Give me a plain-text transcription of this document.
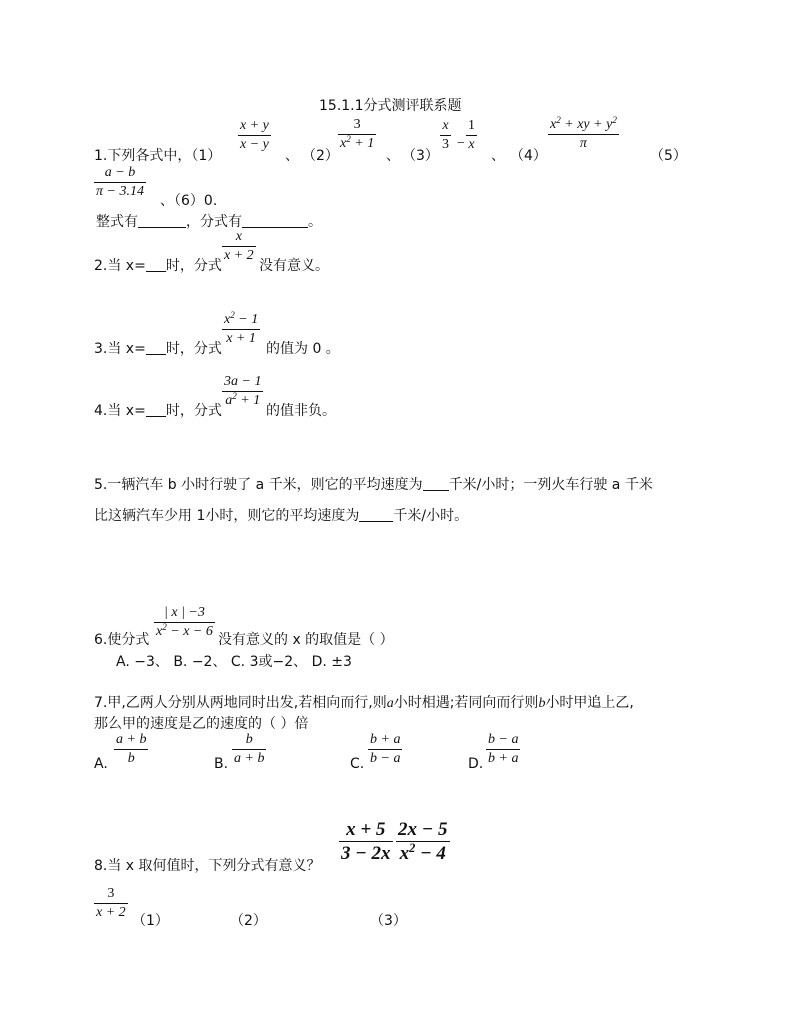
15.1.1分式测评联系题
1.下列各式中，（1）
x + y
x − y
、 （2）
3
$x^2 + 1$
、 （3）
x
3 −
1
x
、 （4）
$x^2$ + xy + $y^2$
π
（5）
a − b
π − 3.14
、（6）0.
整式有	，分式有	。
2.当 x= 时，分式
x
x + 2
没有意义。
3.当 x= 时，分式
$x^2 - 1$
x + 1
的值为 0 。
4.当 x= 时，分式
3a − 1
$a^2 + 1$
的值非负。
5.一辆汽车 b 小时行驶了 a 千米，则它的平均速度为 千米/小时；一列火车行驶 a 千米
比这辆汽车少用 1小时，则它的平均速度为 千米/小时。
6.使分式
| x | −3
$x^2 - x - 6$
没有意义的 x 的取值是（ ）
A. −3、 B. −2、 C. 3或−2、 D. ±3
7.甲,乙两人分别从两地同时出发,若相向而行,则a小时相遇;若同向而行则b小时甲追上乙,
那么甲的速度是乙的速度的（ ）倍
A.
a + b
b	B.
b
a + b	C.
b + a
b − a	D.
b − a
b + a
x + 5
3 − 2x
2x − 5
$x^2 - 4$
8.当 x 取何值时，下列分式有意义？
3
x + 2
（1）	（2）	（3）
